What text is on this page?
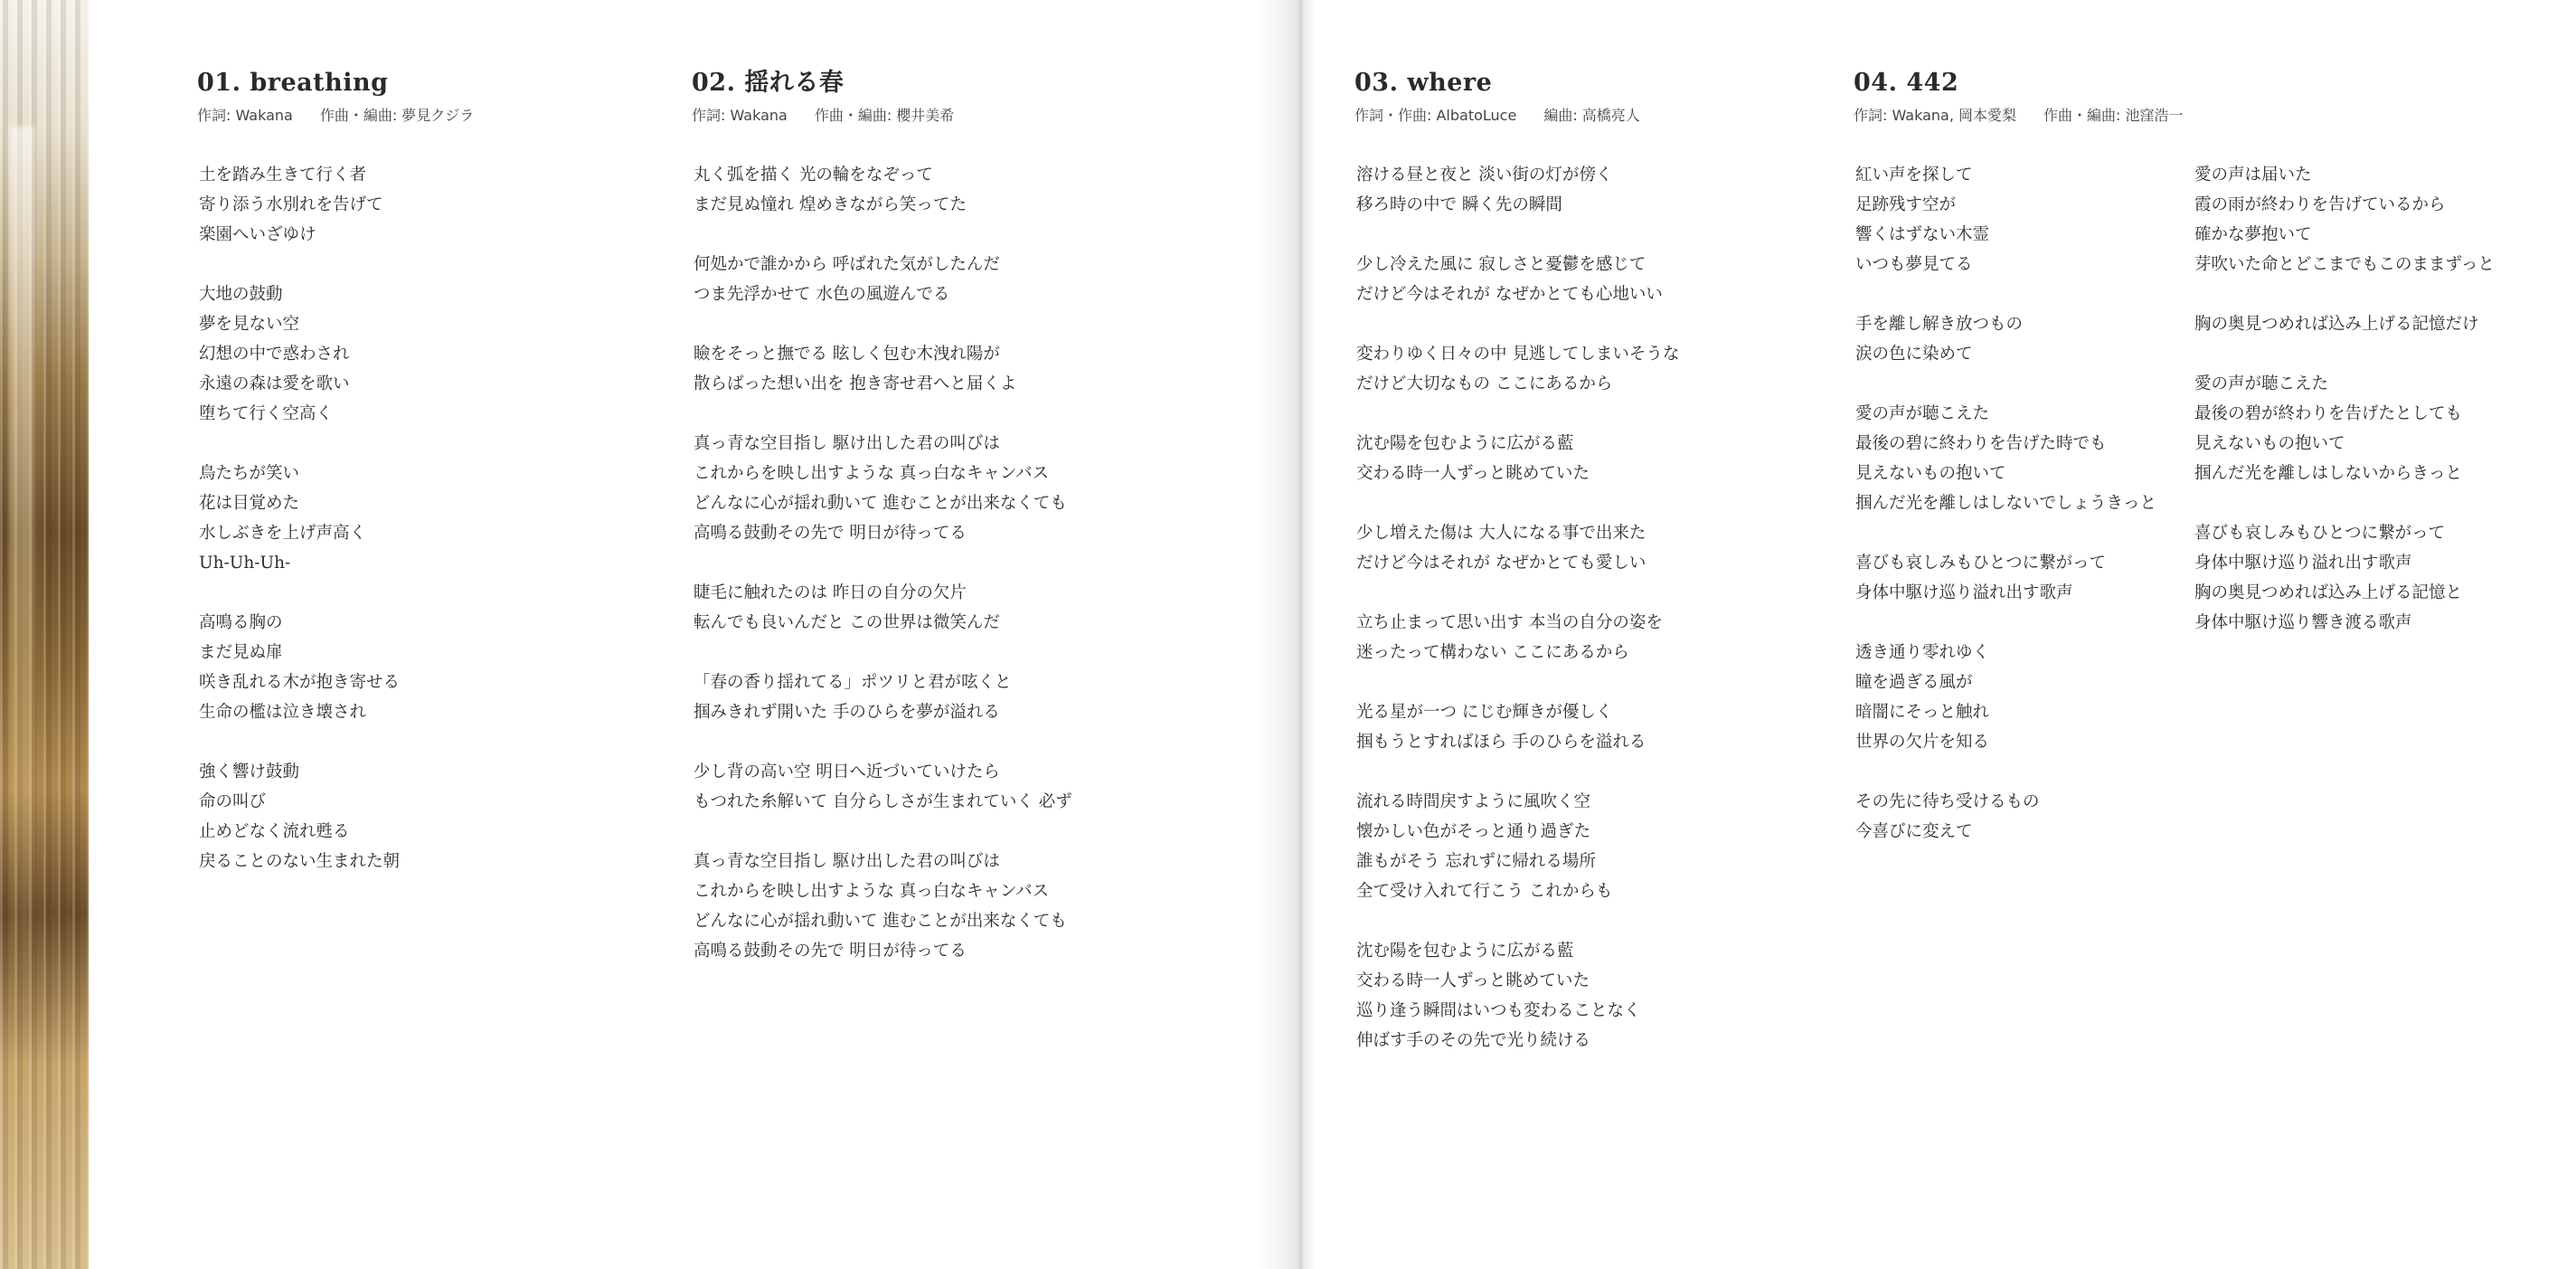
01. breathing
作詞: Wakana 作曲・編曲: 夢見クジラ
土を踏み生きて行く者
寄り添う水別れを告げて
楽園へいざゆけ
大地の鼓動
夢を見ない空
幻想の中で惑わされ
永遠の森は愛を歌い
堕ちて行く空高く
鳥たちが笑い
花は目覚めた
水しぶきを上げ声高く
Uh-Uh-Uh-
高鳴る胸の
まだ見ぬ扉
咲き乱れる木が抱き寄せる
生命の檻は泣き壊され
強く響け鼓動
命の叫び
止めどなく流れ甦る
戻ることのない生まれた朝
02. 揺れる春
作詞: Wakana 作曲・編曲: 櫻井美希
丸く弧を描く 光の輪をなぞって
まだ見ぬ憧れ 煌めきながら笑ってた
何処かで誰かから 呼ばれた気がしたんだ
つま先浮かせて 水色の風遊んでる
瞼をそっと撫でる 眩しく包む木洩れ陽が
散らばった想い出を 抱き寄せ君へと届くよ
真っ青な空目指し 駆け出した君の叫びは
これからを映し出すような 真っ白なキャンバス
どんなに心が揺れ動いて 進むことが出来なくても
高鳴る鼓動その先で 明日が待ってる
睫毛に触れたのは 昨日の自分の欠片
転んでも良いんだと この世界は微笑んだ
「春の香り揺れてる」ポツリと君が呟くと
掴みきれず開いた 手のひらを夢が溢れる
少し背の高い空 明日へ近づいていけたら
もつれた糸解いて 自分らしさが生まれていく 必ず
真っ青な空目指し 駆け出した君の叫びは
これからを映し出すような 真っ白なキャンバス
どんなに心が揺れ動いて 進むことが出来なくても
高鳴る鼓動その先で 明日が待ってる
03. where
作詞・作曲: AlbatoLuce 編曲: 高橋亮人
溶ける昼と夜と 淡い街の灯が傍く
移ろ時の中で 瞬く先の瞬間
少し冷えた風に 寂しさと憂鬱を感じて
だけど今はそれが なぜかとても心地いい
変わりゆく日々の中 見逃してしまいそうな
だけど大切なもの ここにあるから
沈む陽を包むように広がる藍
交わる時一人ずっと眺めていた
少し増えた傷は 大人になる事で出来た
だけど今はそれが なぜかとても愛しい
立ち止まって思い出す 本当の自分の姿を
迷ったって構わない ここにあるから
光る星が一つ にじむ輝きが優しく
掴もうとすればほら 手のひらを溢れる
流れる時間戻すように風吹く空
懐かしい色がそっと通り過ぎた
誰もがそう 忘れずに帰れる場所
全て受け入れて行こう これからも
沈む陽を包むように広がる藍
交わる時一人ずっと眺めていた
巡り逢う瞬間はいつも変わることなく
伸ばす手のその先で光り続ける
04. 442
作詞: Wakana, 岡本愛梨 作曲・編曲: 池窪浩一
紅い声を探して
足跡残す空が
響くはずない木霊
いつも夢見てる
手を離し解き放つもの
涙の色に染めて
愛の声が聴こえた
最後の碧に終わりを告げた時でも
見えないもの抱いて
掴んだ光を離しはしないでしょうきっと
喜びも哀しみもひとつに繋がって
身体中駆け巡り溢れ出す歌声
透き通り零れゆく
瞳を過ぎる風が
暗闇にそっと触れ
世界の欠片を知る
その先に待ち受けるもの
今喜びに変えて
愛の声は届いた
霞の雨が終わりを告げているから
確かな夢抱いて
芽吹いた命とどこまでもこのままずっと
胸の奥見つめれば込み上げる記憶だけ
愛の声が聴こえた
最後の碧が終わりを告げたとしても
見えないもの抱いて
掴んだ光を離しはしないからきっと
喜びも哀しみもひとつに繋がって
身体中駆け巡り溢れ出す歌声
胸の奥見つめれば込み上げる記憶と
身体中駆け巡り響き渡る歌声
